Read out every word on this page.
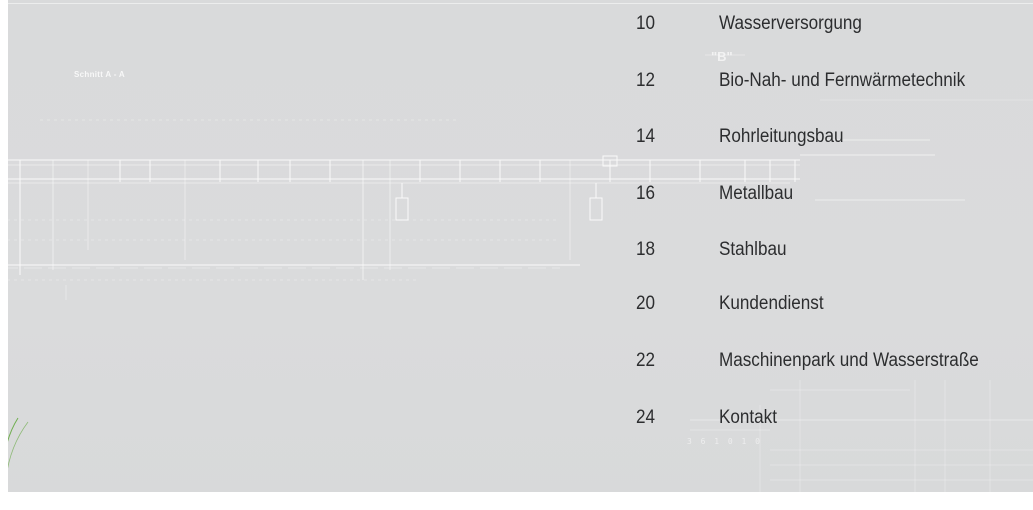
Schnitt A - A
"B"
3 6 1 0 1 0
10	Wasserversorgung
12	Bio-Nah- und Fernwärmetechnik
14	Rohrleitungsbau
16	Metallbau
18	Stahlbau
20	Kundendienst
22	Maschinenpark und Wasserstraße
24	Kontakt
